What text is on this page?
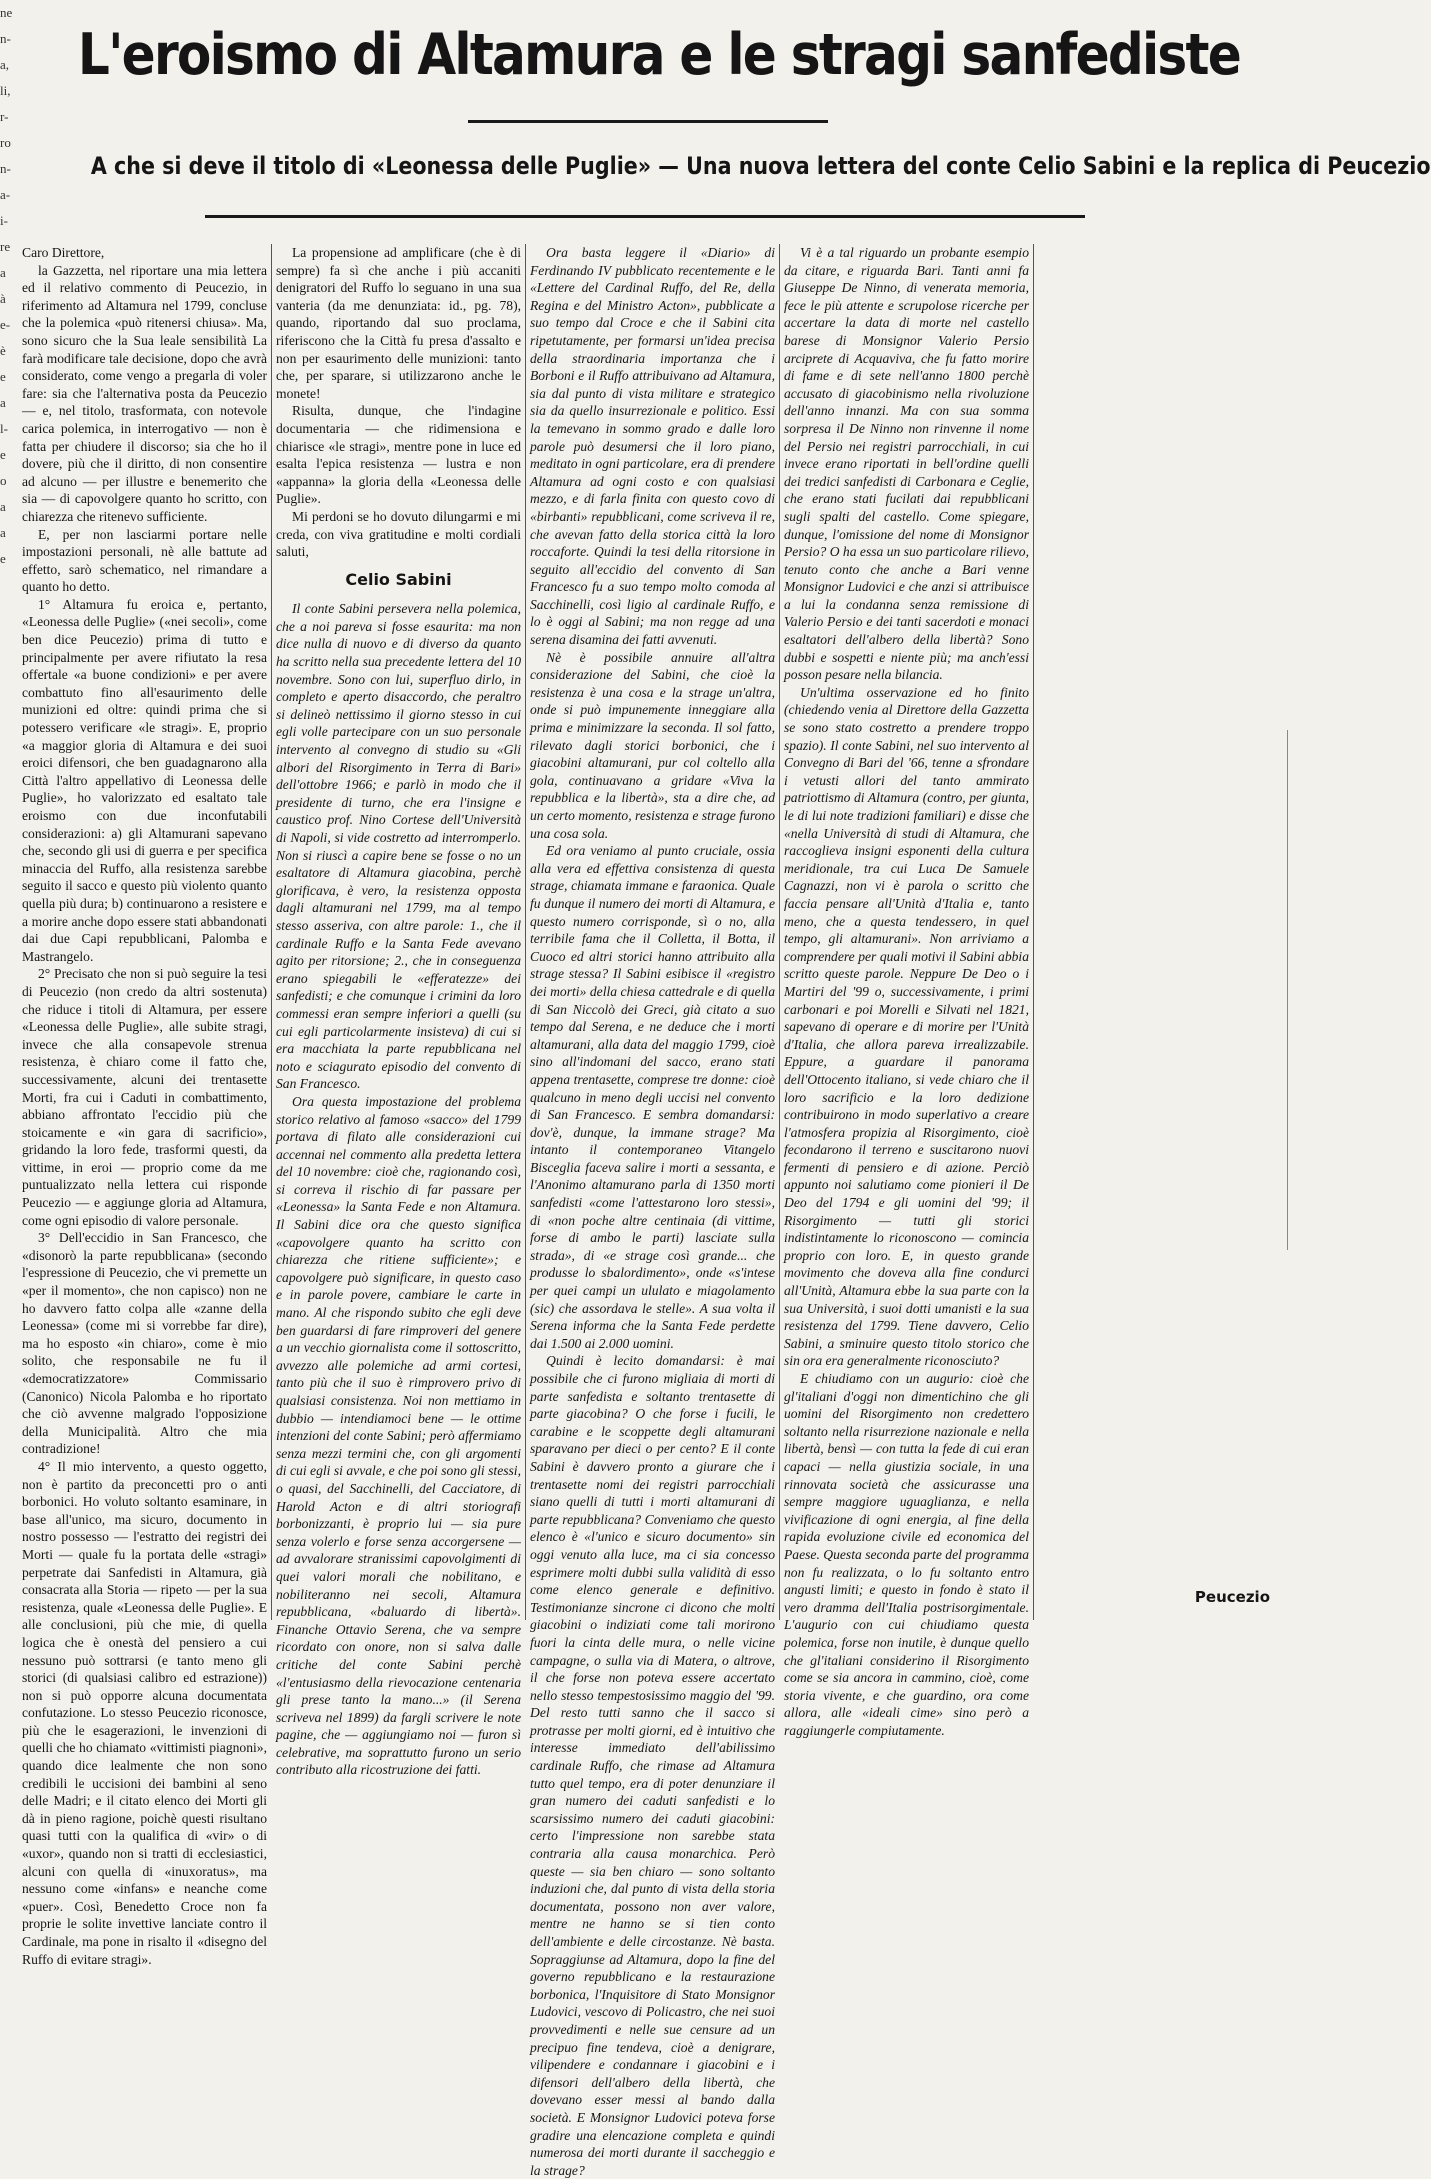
ne
n-
a,
li,
r-
ro
n-
a-
i-
re
a
à
e-
è
e
a
l-
e
o
a
a
e
L'eroismo di Altamura e le stragi sanfediste
A che si deve il titolo di «Leonessa delle Puglie» — Una nuova lettera del conte Celio Sabini e la replica di Peucezio

Caro Direttore,

la Gazzetta, nel riportare una mia lettera ed il relativo commento di Peucezio, in riferimento ad Altamura nel 1799, concluse che la polemica «può ritenersi chiusa». Ma, sono sicuro che la Sua leale sensibilità La farà modificare tale decisione, dopo che avrà considerato, come vengo a pregarla di voler fare: sia che l'alternativa posta da Peucezio — e, nel titolo, trasformata, con notevole carica polemica, in interrogativo — non è fatta per chiudere il discorso; sia che ho il dovere, più che il diritto, di non consentire ad alcuno — per illustre e benemerito che sia — di capovolgere quanto ho scritto, con chiarezza che ritenevo sufficiente.

E, per non lasciarmi portare nelle impostazioni personali, nè alle battute ad effetto, sarò schematico, nel rimandare a quanto ho detto.

1° Altamura fu eroica e, pertanto, «Leonessa delle Puglie» («nei secoli», come ben dice Peucezio) prima di tutto e principalmente per avere rifiutato la resa offertale «a buone condizioni» e per avere combattuto fino all'esaurimento delle munizioni ed oltre: quindi prima che si potessero verificare «le stragi». E, proprio «a maggior gloria di Altamura e dei suoi eroici difensori, che ben guadagnarono alla Città l'altro appellativo di Leonessa delle Puglie», ho valorizzato ed esaltato tale eroismo con due inconfutabili considerazioni: a) gli Altamurani sapevano che, secondo gli usi di guerra e per specifica minaccia del Ruffo, alla resistenza sarebbe seguito il sacco e questo più violento quanto quella più dura; b) continuarono a resistere e a morire anche dopo essere stati abbandonati dai due Capi repubblicani, Palomba e Mastrangelo.

2° Precisato che non si può seguire la tesi di Peucezio (non credo da altri sostenuta) che riduce i titoli di Altamura, per essere «Leonessa delle Puglie», alle subite stragi, invece che alla consapevole strenua resistenza, è chiaro come il fatto che, successivamente, alcuni dei trentasette Morti, fra cui i Caduti in combattimento, abbiano affrontato l'eccidio più che stoicamente e «in gara di sacrificio», gridando la loro fede, trasformi questi, da vittime, in eroi — proprio come da me puntualizzato nella lettera cui risponde Peucezio — e aggiunge gloria ad Altamura, come ogni episodio di valore personale.

3° Dell'eccidio in San Francesco, che «disonorò la parte repubblicana» (secondo l'espressione di Peucezio, che vi premette un «per il momento», che non capisco) non ne ho davvero fatto colpa alle «zanne della Leonessa» (come mi si vorrebbe far dire), ma ho esposto «in chiaro», come è mio solito, che responsabile ne fu il «democratizzatore» Commissario (Canonico) Nicola Palomba e ho riportato che ciò avvenne malgrado l'opposizione della Municipalità. Altro che mia contradizione!

4° Il mio intervento, a questo oggetto, non è partito da preconcetti pro o anti borbonici. Ho voluto soltanto esaminare, in base all'unico, ma sicuro, documento in nostro possesso — l'estratto dei registri dei Morti — quale fu la portata delle «stragi» perpetrate dai Sanfedisti in Altamura, già consacrata alla Storia — ripeto — per la sua resistenza, quale «Leonessa delle Puglie». E alle conclusioni, più che mie, di quella logica che è onestà del pensiero a cui nessuno può sottrarsi (e tanto meno gli storici (di qualsiasi calibro ed estrazione)) non si può opporre alcuna documentata confutazione. Lo stesso Peucezio riconosce, più che le esagerazioni, le invenzioni di quelli che ho chiamato «vittimisti piagnoni», quando dice lealmente che non sono credibili le uccisioni dei bambini al seno delle Madri; e il citato elenco dei Morti gli dà in pieno ragione, poichè questi risultano quasi tutti con la qualifica di «vir» o di «uxor», quando non si tratti di ecclesiastici, alcuni con quella di «inuxoratus», ma nessuno come «infans» e neanche come «puer». Così, Benedetto Croce non fa proprie le solite invettive lanciate contro il Cardinale, ma pone in risalto il «disegno del Ruffo di evitare stragi».

La propensione ad amplificare (che è di sempre) fa sì che anche i più accaniti denigratori del Ruffo lo seguano in una sua vanteria (da me denunziata: id., pg. 78), quando, riportando dal suo proclama, riferiscono che la Città fu presa d'assalto e non per esaurimento delle munizioni: tanto che, per sparare, si utilizzarono anche le monete!

Risulta, dunque, che l'indagine documentaria — che ridimensiona e chiarisce «le stragi», mentre pone in luce ed esalta l'epica resistenza — lustra e non «appanna» la gloria della «Leonessa delle Puglie».

Mi perdoni se ho dovuto dilungarmi e mi creda, con viva gratitudine e molti cordiali saluti,

Celio Sabini

Il conte Sabini persevera nella polemica, che a noi pareva si fosse esaurita: ma non dice nulla di nuovo e di diverso da quanto ha scritto nella sua precedente lettera del 10 novembre. Sono con lui, superfluo dirlo, in completo e aperto disaccordo, che peraltro si delineò nettissimo il giorno stesso in cui egli volle partecipare con un suo personale intervento al convegno di studio su «Gli albori del Risorgimento in Terra di Bari» dell'ottobre 1966; e parlò in modo che il presidente di turno, che era l'insigne e caustico prof. Nino Cortese dell'Università di Napoli, si vide costretto ad interromperlo. Non si riuscì a capire bene se fosse o no un esaltatore di Altamura giacobina, perchè glorificava, è vero, la resistenza opposta dagli altamurani nel 1799, ma al tempo stesso asseriva, con altre parole: 1., che il cardinale Ruffo e la Santa Fede avevano agito per ritorsione; 2., che in conseguenza erano spiegabili le «efferatezze» dei sanfedisti; e che comunque i crimini da loro commessi eran sempre inferiori a quelli (su cui egli particolarmente insisteva) di cui si era macchiata la parte repubblicana nel noto e sciagurato episodio del convento di San Francesco.

Ora questa impostazione del problema storico relativo al famoso «sacco» del 1799 portava di filato alle considerazioni cui accennai nel commento alla predetta lettera del 10 novembre: cioè che, ragionando così, si correva il rischio di far passare per «Leonessa» la Santa Fede e non Altamura. Il Sabini dice ora che questo significa «capovolgere quanto ha scritto con chiarezza che ritiene sufficiente»; e capovolgere può significare, in questo caso e in parole povere, cambiare le carte in mano. Al che rispondo subito che egli deve ben guardarsi di fare rimproveri del genere a un vecchio giornalista come il sottoscritto, avvezzo alle polemiche ad armi cortesi, tanto più che il suo è rimprovero privo di qualsiasi consistenza. Noi non mettiamo in dubbio — intendiamoci bene — le ottime intenzioni del conte Sabini; però affermiamo senza mezzi termini che, con gli argomenti di cui egli si avvale, e che poi sono gli stessi, o quasi, del Sacchinelli, del Cacciatore, di Harold Acton e di altri storiografi borbonizzanti, è proprio lui — sia pure senza volerlo e forse senza accorgersene — ad avvalorare stranissimi capovolgimenti di quei valori morali che nobilitano, e nobiliteranno nei secoli, Altamura repubblicana, «baluardo di libertà». Finanche Ottavio Serena, che va sempre ricordato con onore, non si salva dalle critiche del conte Sabini perchè «l'entusiasmo della rievocazione centenaria gli prese tanto la mano...» (il Serena scriveva nel 1899) da fargli scrivere le note pagine, che — aggiungiamo noi — furon sì celebrative, ma soprattutto furono un serio contributo alla ricostruzione dei fatti.

Ora basta leggere il «Diario» di Ferdinando IV pubblicato recentemente e le «Lettere del Cardinal Ruffo, del Re, della Regina e del Ministro Acton», pubblicate a suo tempo dal Croce e che il Sabini cita ripetutamente, per formarsi un'idea precisa della straordinaria importanza che i Borboni e il Ruffo attribuivano ad Altamura, sia dal punto di vista militare e strategico sia da quello insurrezionale e politico. Essi la temevano in sommo grado e dalle loro parole può desumersi che il loro piano, meditato in ogni particolare, era di prendere Altamura ad ogni costo e con qualsiasi mezzo, e di farla finita con questo covo di «birbanti» repubblicani, come scriveva il re, che avevan fatto della storica città la loro roccaforte. Quindi la tesi della ritorsione in seguito all'eccidio del convento di San Francesco fu a suo tempo molto comoda al Sacchinelli, così ligio al cardinale Ruffo, e lo è oggi al Sabini; ma non regge ad una serena disamina dei fatti avvenuti.

Nè è possibile annuire all'altra considerazione del Sabini, che cioè la resistenza è una cosa e la strage un'altra, onde si può impunemente inneggiare alla prima e minimizzare la seconda. Il sol fatto, rilevato dagli storici borbonici, che i giacobini altamurani, pur col coltello alla gola, continuavano a gridare «Viva la repubblica e la libertà», sta a dire che, ad un certo momento, resistenza e strage furono una cosa sola.

Ed ora veniamo al punto cruciale, ossia alla vera ed effettiva consistenza di questa strage, chiamata immane e faraonica. Quale fu dunque il numero dei morti di Altamura, e questo numero corrisponde, sì o no, alla terribile fama che il Colletta, il Botta, il Cuoco ed altri storici hanno attribuito alla strage stessa? Il Sabini esibisce il «registro dei morti» della chiesa cattedrale e di quella di San Niccolò dei Greci, già citato a suo tempo dal Serena, e ne deduce che i morti altamurani, alla data del maggio 1799, cioè sino all'indomani del sacco, erano stati appena trentasette, comprese tre donne: cioè qualcuno in meno degli uccisi nel convento di San Francesco. E sembra domandarsi: dov'è, dunque, la immane strage? Ma intanto il contemporaneo Vitangelo Bisceglia faceva salire i morti a sessanta, e l'Anonimo altamurano parla di 1350 morti sanfedisti «come l'attestarono loro stessi», di «non poche altre centinaia (di vittime, forse di ambo le parti) lasciate sulla strada», di «e strage così grande... che produsse lo sbalordimento», onde «s'intese per quei campi un ululato e miagolamento (sic) che assordava le stelle». A sua volta il Serena informa che la Santa Fede perdette dai 1.500 ai 2.000 uomini.

Quindi è lecito domandarsi: è mai possibile che ci furono migliaia di morti di parte sanfedista e soltanto trentasette di parte giacobina? O che forse i fucili, le carabine e le scoppette degli altamurani sparavano per dieci o per cento? E il conte Sabini è davvero pronto a giurare che i trentasette nomi dei registri parrocchiali siano quelli di tutti i morti altamurani di parte repubblicana? Conveniamo che questo elenco è «l'unico e sicuro documento» sin oggi venuto alla luce, ma ci sia concesso esprimere molti dubbi sulla validità di esso come elenco generale e definitivo. Testimonianze sincrone ci dicono che molti giacobini o indiziati come tali morirono fuori la cinta delle mura, o nelle vicine campagne, o sulla via di Matera, o altrove, il che forse non poteva essere accertato nello stesso tempestosissimo maggio del '99. Del resto tutti sanno che il sacco si protrasse per molti giorni, ed è intuitivo che interesse immediato dell'abilissimo cardinale Ruffo, che rimase ad Altamura tutto quel tempo, era di poter denunziare il gran numero dei caduti sanfedisti e lo scarsissimo numero dei caduti giacobini: certo l'impressione non sarebbe stata contraria alla causa monarchica. Però queste — sia ben chiaro — sono soltanto induzioni che, dal punto di vista della storia documentata, possono non aver valore, mentre ne hanno se si tien conto dell'ambiente e delle circostanze. Nè basta. Sopraggiunse ad Altamura, dopo la fine del governo repubblicano e la restaurazione borbonica, l'Inquisitore di Stato Monsignor Ludovici, vescovo di Policastro, che nei suoi provvedimenti e nelle sue censure ad un precipuo fine tendeva, cioè a denigrare, vilipendere e condannare i giacobini e i difensori dell'albero della libertà, che dovevano esser messi al bando dalla società. E Monsignor Ludovici poteva forse gradire una elencazione completa e quindi numerosa dei morti durante il saccheggio e la strage?

Vi è a tal riguardo un probante esempio da citare, e riguarda Bari. Tanti anni fa Giuseppe De Ninno, di venerata memoria, fece le più attente e scrupolose ricerche per accertare la data di morte nel castello barese di Monsignor Valerio Persio arciprete di Acquaviva, che fu fatto morire di fame e di sete nell'anno 1800 perchè accusato di giacobinismo nella rivoluzione dell'anno innanzi. Ma con sua somma sorpresa il De Ninno non rinvenne il nome del Persio nei registri parrocchiali, in cui invece erano riportati in bell'ordine quelli dei tredici sanfedisti di Carbonara e Ceglie, che erano stati fucilati dai repubblicani sugli spalti del castello. Come spiegare, dunque, l'omissione del nome di Monsignor Persio? O ha essa un suo particolare rilievo, tenuto conto che anche a Bari venne Monsignor Ludovici e che anzi si attribuisce a lui la condanna senza remissione di Valerio Persio e dei tanti sacerdoti e monaci esaltatori dell'albero della libertà? Sono dubbi e sospetti e niente più; ma anch'essi posson pesare nella bilancia.

Un'ultima osservazione ed ho finito (chiedendo venia al Direttore della Gazzetta se sono stato costretto a prendere troppo spazio). Il conte Sabini, nel suo intervento al Convegno di Bari del '66, tenne a sfrondare i vetusti allori del tanto ammirato patriottismo di Altamura (contro, per giunta, le di lui note tradizioni familiari) e disse che «nella Università di studi di Altamura, che raccoglieva insigni esponenti della cultura meridionale, tra cui Luca De Samuele Cagnazzi, non vi è parola o scritto che faccia pensare all'Unità d'Italia e, tanto meno, che a questa tendessero, in quel tempo, gli altamurani». Non arriviamo a comprendere per quali motivi il Sabini abbia scritto queste parole. Neppure De Deo o i Martiri del '99 o, successivamente, i primi carbonari e poi Morelli e Silvati nel 1821, sapevano di operare e di morire per l'Unità d'Italia, che allora pareva irrealizzabile. Eppure, a guardare il panorama dell'Ottocento italiano, si vede chiaro che il loro sacrificio e la loro dedizione contribuirono in modo superlativo a creare l'atmosfera propizia al Risorgimento, cioè fecondarono il terreno e suscitarono nuovi fermenti di pensiero e di azione. Perciò appunto noi salutiamo come pionieri il De Deo del 1794 e gli uomini del '99; il Risorgimento — tutti gli storici indistintamente lo riconoscono — comincia proprio con loro. E, in questo grande movimento che doveva alla fine condurci all'Unità, Altamura ebbe la sua parte con la sua Università, i suoi dotti umanisti e la sua resistenza del 1799. Tiene davvero, Celio Sabini, a sminuire questo titolo storico che sin ora era generalmente riconosciuto?

E chiudiamo con un augurio: cioè che gl'italiani d'oggi non dimentichino che gli uomini del Risorgimento non credettero soltanto nella risurrezione nazionale e nella libertà, bensì — con tutta la fede di cui eran capaci — nella giustizia sociale, in una rinnovata società che assicurasse una sempre maggiore uguaglianza, e nella vivificazione di ogni energia, al fine della rapida evoluzione civile ed economica del Paese. Questa seconda parte del programma non fu realizzata, o lo fu soltanto entro angusti limiti; e questo in fondo è stato il vero dramma dell'Italia postrisorgimentale. L'augurio con cui chiudiamo questa polemica, forse non inutile, è dunque quello che gl'italiani considerino il Risorgimento come se sia ancora in cammino, cioè, come storia vivente, e che guardino, ora come allora, alle «ideali cime» sino però a raggiungerle compiutamente.

Peucezio
